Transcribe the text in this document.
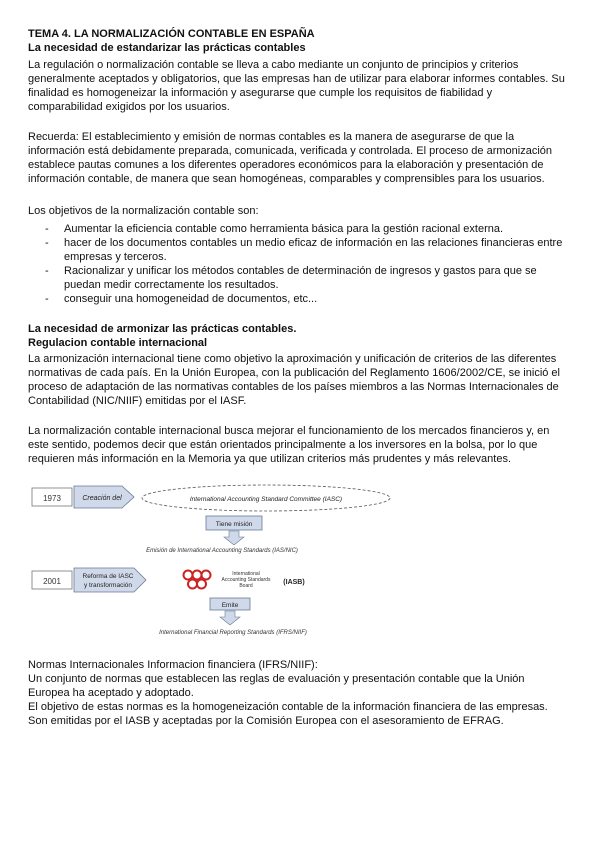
TEMA 4. LA NORMALIZACIÓN CONTABLE EN ESPAÑA
La necesidad de estandarizar las prácticas contables
La regulación o normalización contable se lleva a cabo mediante un conjunto de principios y criterios
generalmente aceptados y obligatorios, que las empresas han de utilizar para elaborar informes contables. Su
finalidad es homogeneizar la información y asegurarse que cumple los requisitos de fiabilidad y
comparabilidad exigidos por los usuarios.
Recuerda: El establecimiento y emisión de normas contables es la manera de asegurarse de que la
información está debidamente preparada, comunicada, verificada y controlada. El proceso de armonización
establece pautas comunes a los diferentes operadores económicos para la elaboración y presentación de
información contable, de manera que sean homogéneas, comparables y comprensibles para los usuarios.
Los objetivos de la normalización contable son:
- Aumentar la eficiencia contable como herramienta básica para la gestión racional externa.
- hacer de los documentos contables un medio eficaz de información en las relaciones financieras entre
empresas y terceros.
- Racionalizar y unificar los métodos contables de determinación de ingresos y gastos para que se
puedan medir correctamente los resultados.
- conseguir una homogeneidad de documentos, etc...
La necesidad de armonizar las prácticas contables.
Regulacion contable internacional
La armonización internacional tiene como objetivo la aproximación y unificación de criterios de las diferentes
normativas de cada país. En la Unión Europea, con la publicación del Reglamento 1606/2002/CE, se inició el
proceso de adaptación de las normativas contables de los países miembros a las Normas Internacionales de
Contabilidad (NIC/NIIF) emitidas por el IASF.
La normalización contable internacional busca mejorar el funcionamiento de los mercados financieros y, en
este sentido, podemos decir que están orientados principalmente a los inversores en la bolsa, por lo que
requieren más información en la Memoria ya que utilizan criterios más prudentes y más relevantes.
1973	Creación del	International Accounting Standard Committee (IASC)
Tiene misión
Emisión de International Accounting Standards (IAS/NIC)
2001
Reforma de IASC
y transformación
International
Accounting Standards
Board	(IASB)
Emite
International Financial Reporting Standards (IFRS/NIIF)
Normas Internacionales Informacion financiera (IFRS/NIIF):
Un conjunto de normas que establecen las reglas de evaluación y presentación contable que la Unión
Europea ha aceptado y adoptado.
El objetivo de estas normas es la homogeneización contable de la información financiera de las empresas.
Son emitidas por el IASB y aceptadas por la Comisión Europea con el asesoramiento de EFRAG.
